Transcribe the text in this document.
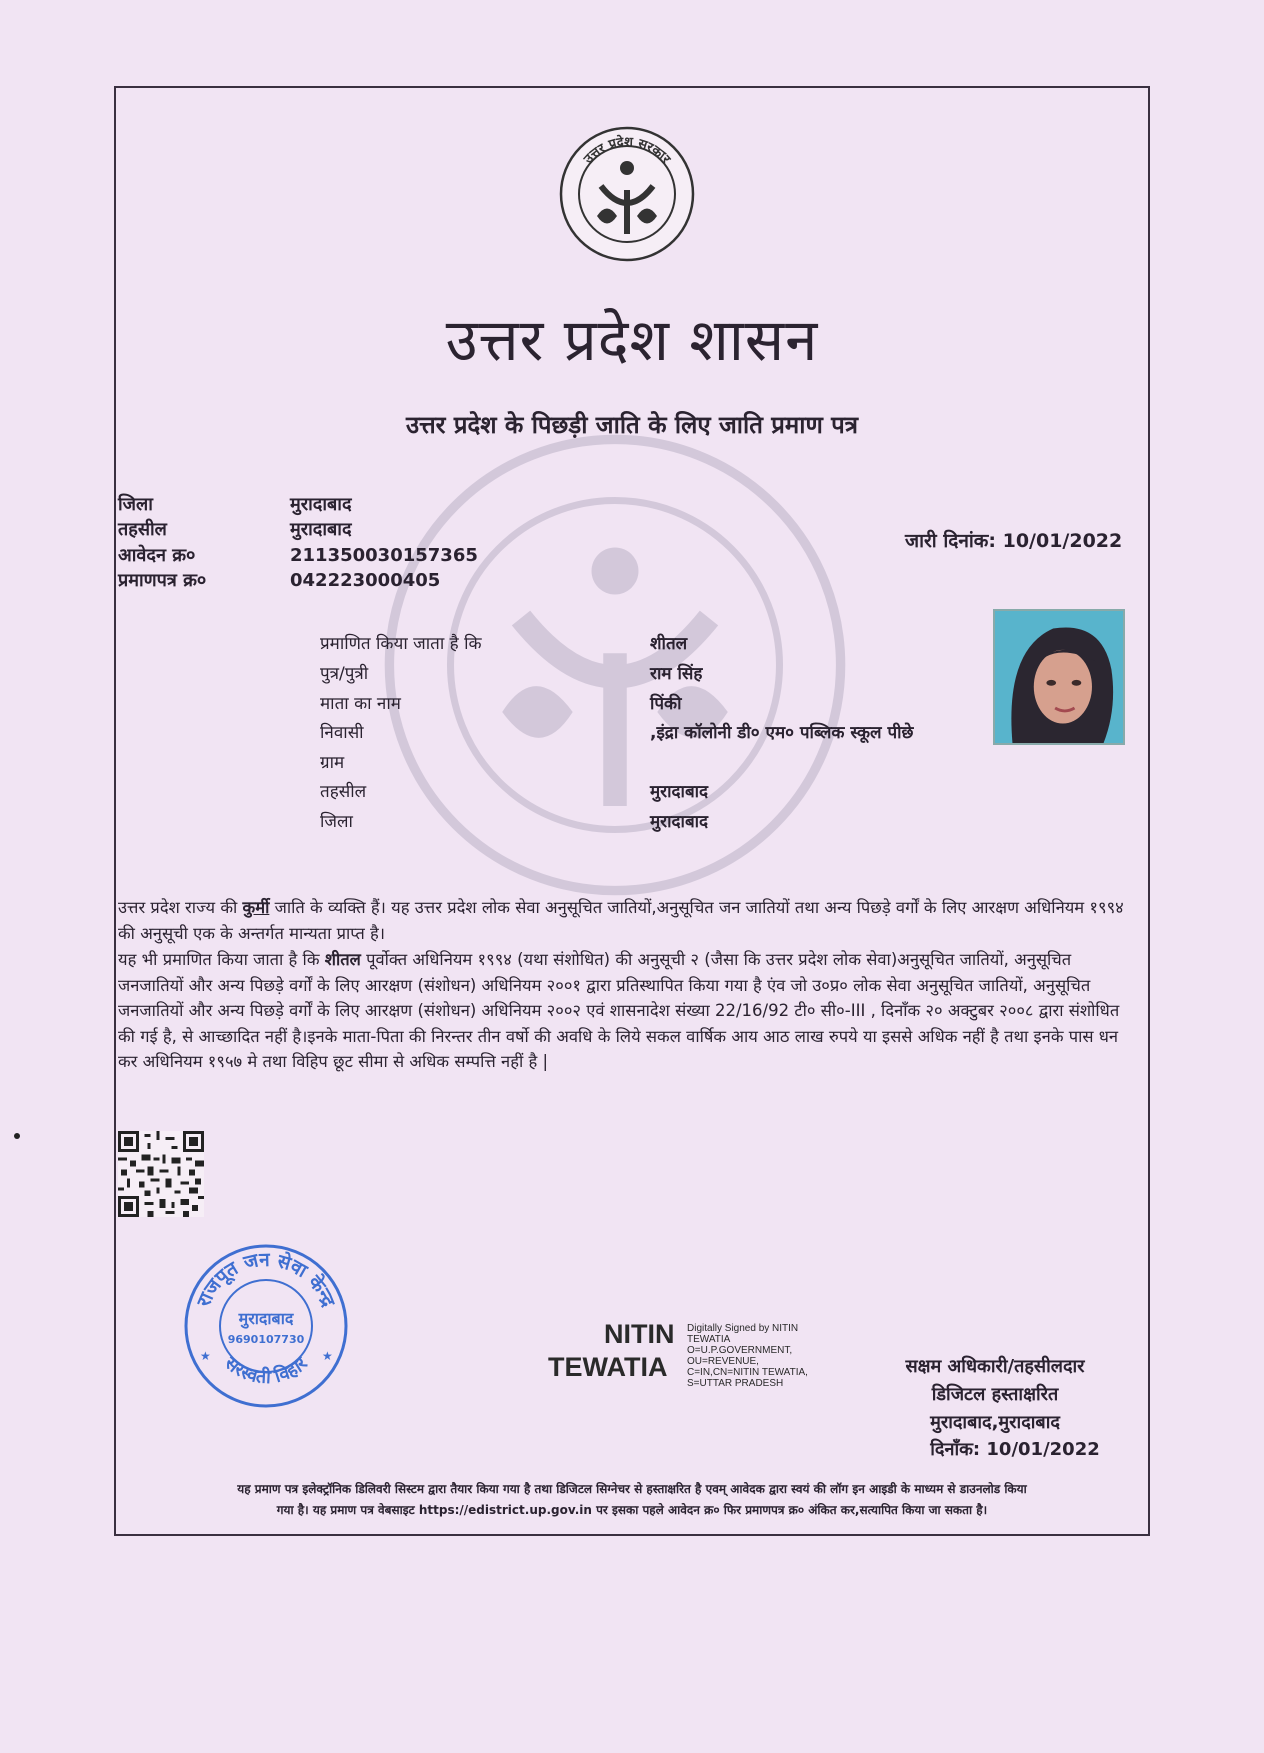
उत्तर प्रदेश सरकार
उत्तर प्रदेश शासन
उत्तर प्रदेश के पिछड़ी जाति के लिए जाति प्रमाण पत्र
जिला	मुरादाबाद
तहसील	मुरादाबाद
आवेदन क्र०	211350030157365
प्रमाणपत्र क्र०	042223000405
जारी दिनांक: 10/01/2022
प्रमाणित किया जाता है कि	शीतल
पुत्र/पुत्री	राम सिंह
माता का नाम	पिंकी
निवासी	,इंद्रा कॉलोनी डी० एम० पब्लिक स्कूल पीछे
ग्राम
तहसील	मुरादाबाद
जिला	मुरादाबाद
उत्तर प्रदेश राज्य की कुर्मी जाति के व्यक्ति हैं। यह उत्तर प्रदेश लोक सेवा अनुसूचित जातियों,अनुसूचित जन जातियों तथा अन्य पिछड़े वर्गों के लिए आरक्षण अधिनियम १९९४ की अनुसूची एक के अन्तर्गत मान्यता प्राप्त है।
यह भी प्रमाणित किया जाता है कि शीतल पूर्वोक्त अधिनियम १९९४ (यथा संशोधित) की अनुसूची २ (जैसा कि उत्तर प्रदेश लोक सेवा)अनुसूचित जातियों, अनुसूचित जनजातियों और अन्य पिछड़े वर्गों के लिए आरक्षण (संशोधन) अधिनियम २००१ द्वारा प्रतिस्थापित किया गया है एंव जो उ०प्र० लोक सेवा अनुसूचित जातियों, अनुसूचित जनजातियों और अन्य पिछड़े वर्गों के लिए आरक्षण (संशोधन) अधिनियम २००२ एवं शासनादेश संख्या 22/16/92 टी० सी०-III , दिनाँक २० अक्टुबर २००८ द्वारा संशोधित की गई है, से आच्छादित नहीं है।इनके माता-पिता की निरन्तर तीन वर्षो की अवधि के लिये सकल वार्षिक आय आठ लाख रुपये या इससे अधिक नहीं है तथा इनके पास धन कर अधिनियम १९५७ मे तथा विहिप छूट सीमा से अधिक सम्पत्ति नहीं है |
राजपूत जन सेवा केन्द्र
सरस्वती विहार
मुरादाबाद
9690107730
★	★
NITIN
TEWATIA
Digitally Signed by NITIN
TEWATIA
O=U.P.GOVERNMENT,
OU=REVENUE,
C=IN,CN=NITIN TEWATIA,
S=UTTAR PRADESH
सक्षम अधिकारी/तहसीलदार
डिजिटल हस्ताक्षरित
मुरादाबाद,मुरादाबाद
दिनाँक: 10/01/2022
यह प्रमाण पत्र इलेक्ट्रॉनिक डिलिवरी सिस्टम द्वारा तैयार किया गया है तथा डिजिटल सिग्नेचर से हस्ताक्षरित है एवम् आवेदक द्वारा स्वयं की लॉग इन आइडी के माध्यम से डाउनलोड किया
गया है। यह प्रमाण पत्र वेबसाइट https://edistrict.up.gov.in पर इसका पहले आवेदन क्र० फिर प्रमाणपत्र क्र० अंकित कर,सत्यापित किया जा सकता है।
